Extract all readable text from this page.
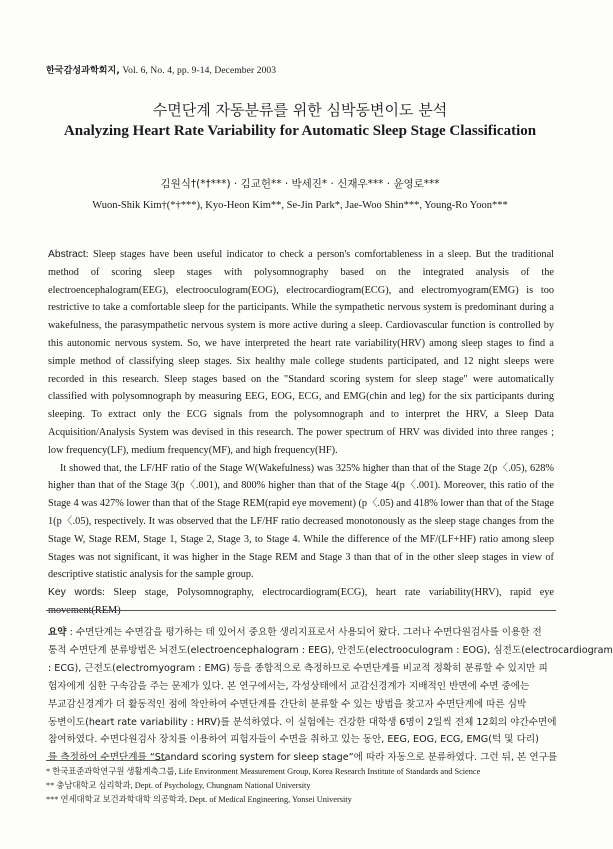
한국감성과학회지, Vol. 6, No. 4, pp. 9-14, December 2003
수면단계 자동분류를 위한 심박동변이도 분석
Analyzing Heart Rate Variability for Automatic Sleep Stage Classification
김원식†(*†***) · 김교헌** · 박세진* · 신재우*** · 윤영로***
Wuon-Shik Kim†(*†***), Kyo-Heon Kim**, Se-Jin Park*, Jae-Woo Shin***, Young-Ro Yoon***

Abstract: Sleep stages have been useful indicator to check a person's comfortableness in a sleep. But the traditional method of scoring sleep stages with polysomnography based on the integrated analysis of the electroencephalogram(EEG), electrooculogram(EOG), electrocardiogram(ECG), and electromyogram(EMG) is too restrictive to take a comfortable sleep for the participants. While the sympathetic nervous system is predominant during a wakefulness, the parasympathetic nervous system is more active during a sleep. Cardiovascular function is controlled by this autonomic nervous system. So, we have interpreted the heart rate variability(HRV) among sleep stages to find a simple method of classifying sleep stages. Six healthy male college students participated, and 12 night sleeps were recorded in this research. Sleep stages based on the "Standard scoring system for sleep stage" were automatically classified with polysomnograph by measuring EEG, EOG, ECG, and EMG(chin and leg) for the six participants during sleeping. To extract only the ECG signals from the polysomnograph and to interpret the HRV, a Sleep Data Acquisition/Analysis System was devised in this research. The power spectrum of HRV was divided into three ranges ; low frequency(LF), medium frequency(MF), and high frequency(HF).

It showed that, the LF/HF ratio of the Stage W(Wakefulness) was 325% higher than that of the Stage 2(p〈.05), 628% higher than that of the Stage 3(p〈.001), and 800% higher than that of the Stage 4(p〈.001). Moreover, this ratio of the Stage 4 was 427% lower than that of the Stage REM(rapid eye movement) (p〈.05) and 418% lower than that of the Stage 1(p〈.05), respectively. It was observed that the LF/HF ratio decreased monotonously as the sleep stage changes from the Stage W, Stage REM, Stage 1, Stage 2, Stage 3, to Stage 4. While the difference of the MF/(LF+HF) ratio among sleep Stages was not significant, it was higher in the Stage REM and Stage 3 than that of in the other sleep stages in view of descriptive statistic analysis for the sample group.

Key words: Sleep stage, Polysomnography, electrocardiogram(ECG), heart rate variability(HRV), rapid eye movement(REM)

요약 : 수면단계는 수면감을 평가하는 데 있어서 중요한 생리지표로서 사용되어 왔다. 그러나 수면다원검사를 이용한 전
통적 수면단계 분류방법은 뇌전도(electroencephalogram : EEG), 안전도(electrooculogram : EOG), 심전도(electrocardiogram
: ECG), 근전도(electromyogram : EMG) 등을 종합적으로 측정하므로 수면단계를 비교적 정확히 분류할 수 있지만 피
험자에게 심한 구속감을 주는 문제가 있다. 본 연구에서는, 각성상태에서 교감신경계가 지배적인 반면에 수면 중에는
부교감신경계가 더 활동적인 점에 착안하여 수면단계를 간단히 분류할 수 있는 방법을 찾고자 수면단계에 따른 심박
동변이도(heart rate variability : HRV)를 분석하였다. 이 실험에는 건강한 대학생 6명이 2일씩 전체 12회의 야간수면에
참여하였다. 수면다원검사 장치를 이용하여 피험자들이 수면을 취하고 있는 동안, EEG, EOG, ECG, EMG(턱 및 다리)
를 측정하여 수면단계를 “Standard scoring system for sleep stage”에 따라 자동으로 분류하였다. 그런 뒤, 본 연구를
* 한국표준과학연구원 생활계측그룹, Life Environment Measurement Group, Korea Research Institute of Standards and Science
** 충남대학교 심리학과, Dept. of Psychology, Chungnam National University
*** 연세대학교 보건과학대학 의공학과, Dept. of Medical Engineering, Yonsei University
